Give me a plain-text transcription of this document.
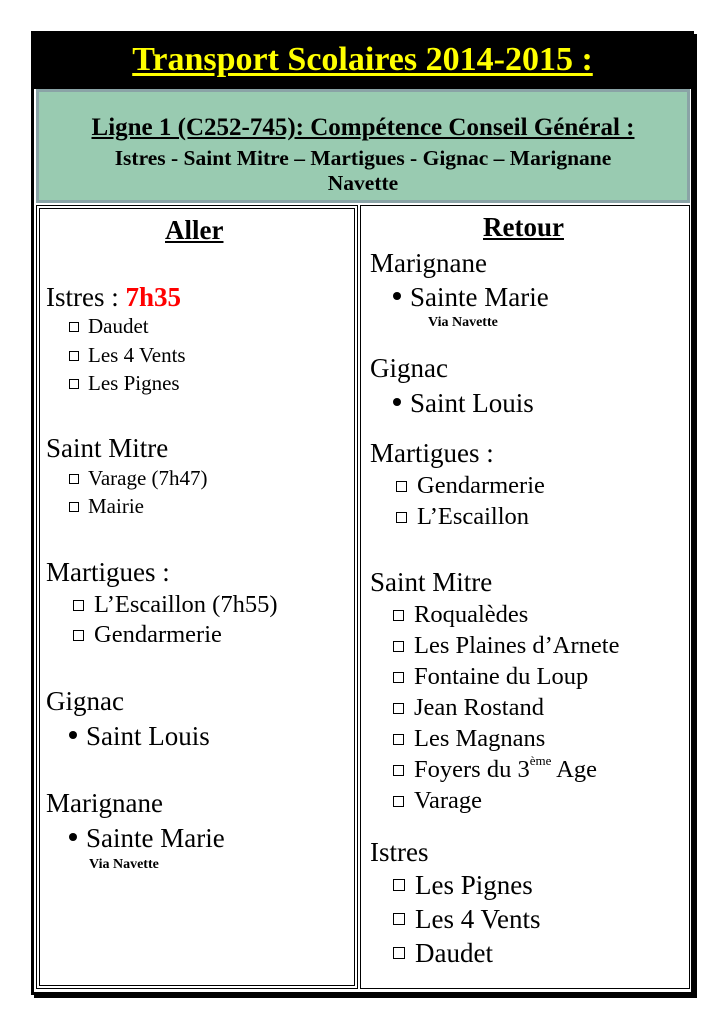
Transport Scolaires 2014-2015 :
Ligne 1 (C252-745): Compétence Conseil Général :
Istres - Saint Mitre – Martigues - Gignac – Marignane
Navette
Aller
Istres : 7h35
Daudet
Les 4 Vents
Les Pignes
Saint Mitre
Varage (7h47)
Mairie
Martigues :
L’Escaillon (7h55)
Gendarmerie
Gignac
Saint Louis
Marignane
Sainte Marie
Via Navette
Retour
Marignane
Sainte Marie
Via Navette
Gignac
Saint Louis
Martigues :
Gendarmerie
L’Escaillon
Saint Mitre
Roqualèdes
Les Plaines d’Arnete
Fontaine du Loup
Jean Rostand
Les Magnans
Foyers du 3ème Age
Varage
Istres
Les Pignes
Les 4 Vents
Daudet
